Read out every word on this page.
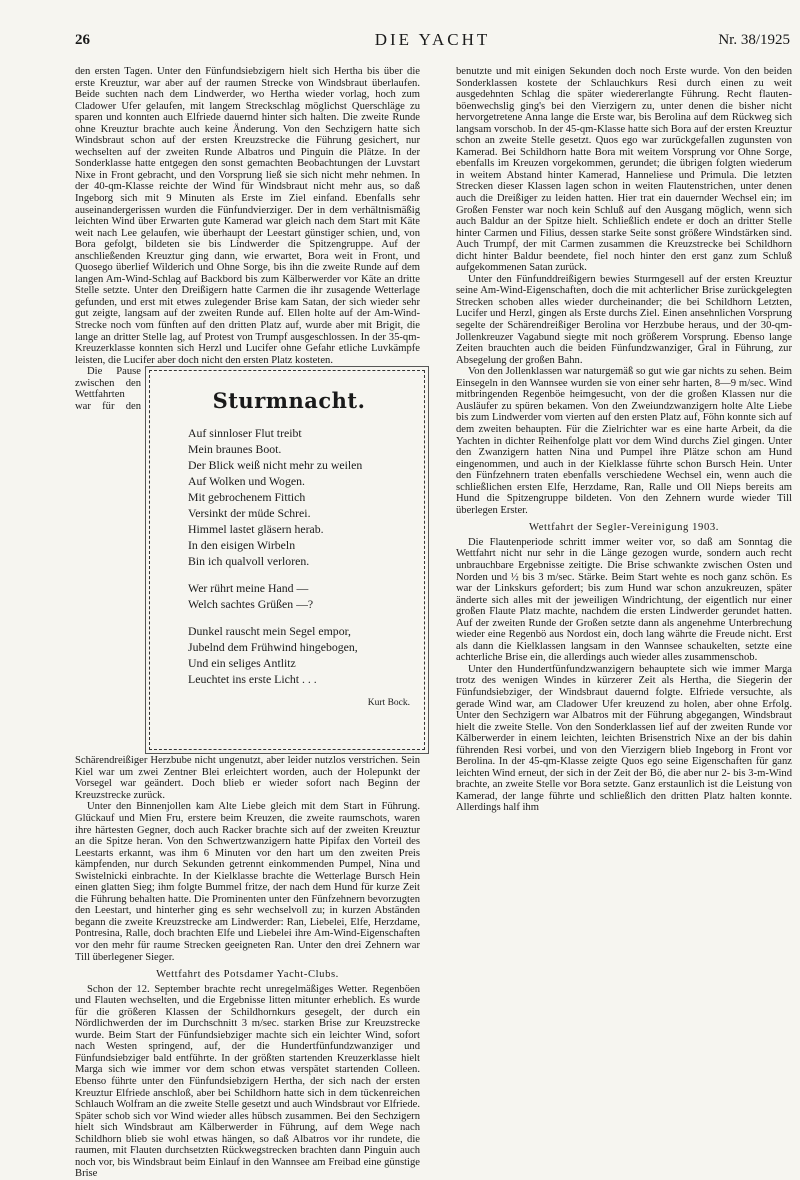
26	DIE YACHT	Nr. 38/1925

den ersten Tagen. Unter den Fünfundsiebzigern hielt sich Hertha bis über die erste Kreuztur, war aber auf der raumen Strecke von Windsbraut überlaufen. Beide suchten nach dem Lindwerder, wo Hertha wieder vorlag, hoch zum Cladower Ufer gelaufen, mit langem Streckschlag möglichst Querschläge zu sparen und konnten auch Elfriede dauernd hinter sich halten. Die zweite Runde ohne Kreuztur brachte auch keine Änderung. Von den Sechzigern hatte sich Windsbraut schon auf der ersten Kreuzstrecke die Führung gesichert, nur wechselten auf der zweiten Runde Albatros und Pinguin die Plätze. In der Sonderklasse hatte entgegen den sonst gemachten Beobachtungen der Luvstart Nixe in Front gebracht, und den Vorsprung ließ sie sich nicht mehr nehmen. In der 40-qm-Klasse reichte der Wind für Windsbraut nicht mehr aus, so daß Ingeborg sich mit 9 Minuten als Erste im Ziel einfand. Ebenfalls sehr auseinandergerissen wurden die Fünfundvierziger. Der in dem verhältnismäßig leichten Wind über Erwarten gute Kamerad war gleich nach dem Start mit Käte weit nach Lee gelaufen, wie überhaupt der Leestart günstiger schien, und, von Bora gefolgt, bildeten sie bis Lindwerder die Spitzengruppe. Auf der anschließenden Kreuztur ging dann, wie erwartet, Bora weit in Front, und Quosego überlief Wilderich und Ohne Sorge, bis ihn die zweite Runde auf dem langen Am-Wind-Schlag auf Backbord bis zum Kälberwerder vor Käte an dritte Stelle setzte. Unter den Dreißigern hatte Carmen die ihr zusagende Wetterlage gefunden, und erst mit etwes zulegender Brise kam Satan, der sich wieder sehr gut zeigte, langsam auf der zweiten Runde auf. Ellen holte auf der Am-Wind-Strecke noch vom fünften auf den dritten Platz auf, wurde aber mit Brigit, die lange an dritter Stelle lag, auf Protest von Trumpf ausgeschlossen. In der 35-qm-Kreuzerklasse konnten sich Herzl und Lucifer ohne Gefahr etliche Luvkämpfe leisten, die Lucifer aber doch nicht den ersten Platz kosteten.

Sturmnacht.
Auf sinnloser Flut treibt
Mein braunes Boot.
Der Blick weiß nicht mehr zu weilen
Auf Wolken und Wogen.
Mit gebrochenem Fittich
Versinkt der müde Schrei.
Himmel lastet gläsern herab.
In den eisigen Wirbeln
Bin ich qualvoll verloren.
Wer rührt meine Hand —
Welch sachtes Grüßen —?
Dunkel rauscht mein Segel empor,
Jubelnd dem Frühwind hingebogen,
Und ein seliges Antlitz
Leuchtet ins erste Licht . . .
Kurt Bock.

Die Pause zwischen den Wettfahrten war für den Schärendreißiger Herzbube nicht ungenutzt, aber leider nutzlos verstrichen. Sein Kiel war um zwei Zentner Blei erleichtert worden, auch der Holepunkt der Vorsegel war geändert. Doch blieb er wieder sofort nach Beginn der Kreuzstrecke zurück.

Unter den Binnenjollen kam Alte Liebe gleich mit dem Start in Führung. Glückauf und Mien Fru, erstere beim Kreuzen, die zweite raumschots, waren ihre härtesten Gegner, doch auch Racker brachte sich auf der zweiten Kreuztur an die Spitze heran. Von den Schwertzwanzigern hatte Pipifax den Vorteil des Leestarts erkannt, was ihm 6 Minuten vor den hart um den zweiten Preis kämpfenden, nur durch Sekunden getrennt einkommenden Pumpel, Nina und Swistelnicki einbrachte. In der Kielklasse brachte die Wetterlage Bursch Hein einen glatten Sieg; ihm folgte Bummel fritze, der nach dem Hund für kurze Zeit die Führung behalten hatte. Die Prominenten unter den Fünfzehnern bevorzugten den Leestart, und hinterher ging es sehr wechselvoll zu; in kurzen Abständen begann die zweite Kreuzstrecke am Lindwerder: Ran, Liebelei, Elfe, Herzdame, Pontresina, Ralle, doch brachten Elfe und Liebelei ihre Am-Wind-Eigenschaften vor den mehr für raume Strecken geeigneten Ran. Unter den drei Zehnern war Till überlegener Sieger.

Wettfahrt des Potsdamer Yacht-Clubs.

Schon der 12. September brachte recht unregelmäßiges Wetter. Regenböen und Flauten wechselten, und die Ergebnisse litten mitunter erheblich. Es wurde für die größeren Klassen der Schildhornkurs gesegelt, der durch ein Nördlichwerden der im Durchschnitt 3 m/sec. starken Brise zur Kreuzstrecke wurde. Beim Start der Fünfundsiebziger machte sich ein leichter Wind, sofort nach Westen springend, auf, der die Hundertfünfundzwanziger und Fünfundsiebziger bald entführte. In der größten startenden Kreuzerklasse hielt Marga sich wie immer vor dem schon etwas verspätet startenden Colleen. Ebenso führte unter den Fünfundsiebzigern Hertha, der sich nach der ersten Kreuztur Elfriede anschloß, aber bei Schildhorn hatte sich in dem tückenreichen Schlauch Wolfram an die zweite Stelle gesetzt und auch Windsbraut vor Elfriede. Später schob sich vor Wind wieder alles hübsch zusammen. Bei den Sechzigern hielt sich Windsbraut am Kälberwerder in Führung, auf dem Wege nach Schildhorn blieb sie wohl etwas hängen, so daß Albatros vor ihr rundete, die raumen, mit Flauten durchsetzten Rückwegstrecken brachten dann Pinguin auch noch vor, bis Windsbraut beim Einlauf in den Wannsee am Freibad eine günstige Brise

benutzte und mit einigen Sekunden doch noch Erste wurde. Von den beiden Sonderklassen kostete der Schlauchkurs Resi durch einen zu weit ausgedehnten Schlag die später wiedererlangte Führung. Recht flauten-böenwechslig ging's bei den Vierzigern zu, unter denen die bisher nicht hervorgetretene Anna lange die Erste war, bis Berolina auf dem Rückweg sich langsam vorschob. In der 45-qm-Klasse hatte sich Bora auf der ersten Kreuztur schon an zweite Stelle gesetzt. Quos ego war zurückgefallen zugunsten von Kamerad. Bei Schildhorn hatte Bora mit weitem Vorsprung vor Ohne Sorge, ebenfalls im Kreuzen vorgekommen, gerundet; die übrigen folgten wiederum in weitem Abstand hinter Kamerad, Hanneliese und Primula. Die letzten Strecken dieser Klassen lagen schon in weiten Flautenstrichen, unter denen auch die Dreißiger zu leiden hatten. Hier trat ein dauernder Wechsel ein; im Großen Fenster war noch kein Schluß auf den Ausgang möglich, wenn sich auch Baldur an der Spitze hielt. Schließlich endete er doch an dritter Stelle hinter Carmen und Filius, dessen starke Seite sonst größere Windstärken sind. Auch Trumpf, der mit Carmen zusammen die Kreuzstrecke bei Schildhorn dicht hinter Baldur beendete, fiel noch hinter den erst ganz zum Schluß aufgekommenen Satan zurück.

Unter den Fünfunddreißigern bewies Sturmgesell auf der ersten Kreuztur seine Am-Wind-Eigenschaften, doch die mit achterlicher Brise zurückgelegten Strecken schoben alles wieder durcheinander; die bei Schildhorn Letzten, Lucifer und Herzl, gingen als Erste durchs Ziel. Einen ansehnlichen Vorsprung segelte der Schärendreißiger Berolina vor Herzbube heraus, und der 30-qm-Jollenkreuzer Vagabund siegte mit noch größerem Vorsprung. Ebenso lange Zeiten brauchten auch die beiden Fünfundzwanziger, Gral in Führung, zur Absegelung der großen Bahn.

Von den Jollenklassen war naturgemäß so gut wie gar nichts zu sehen. Beim Einsegeln in den Wannsee wurden sie von einer sehr harten, 8—9 m/sec. Wind mitbringenden Regenböe heimgesucht, von der die großen Klassen nur die Ausläufer zu spüren bekamen. Von den Zweiundzwanzigern holte Alte Liebe bis zum Lindwerder vom vierten auf den ersten Platz auf, Föhn konnte sich auf dem zweiten behaupten. Für die Zielrichter war es eine harte Arbeit, da die Yachten in dichter Reihenfolge platt vor dem Wind durchs Ziel gingen. Unter den Zwanzigern hatten Nina und Pumpel ihre Plätze schon am Hund eingenommen, und auch in der Kielklasse führte schon Bursch Hein. Unter den Fünfzehnern traten ebenfalls verschiedene Wechsel ein, wenn auch die schließlichen ersten Elfe, Herzdame, Ran, Ralle und Oll Nieps bereits am Hund die Spitzengruppe bildeten. Von den Zehnern wurde wieder Till überlegen Erster.

Wettfahrt der Segler-Vereinigung 1903.

Die Flautenperiode schritt immer weiter vor, so daß am Sonntag die Wettfahrt nicht nur sehr in die Länge gezogen wurde, sondern auch recht unbrauchbare Ergebnisse zeitigte. Die Brise schwankte zwischen Osten und Norden und ½ bis 3 m/sec. Stärke. Beim Start wehte es noch ganz schön. Es war der Linkskurs gefordert; bis zum Hund war schon anzukreuzen, später änderte sich alles mit der jeweiligen Windrichtung, der eigentlich nur einer großen Flaute Platz machte, nachdem die ersten Lindwerder gerundet hatten. Auf der zweiten Runde der Großen setzte dann als angenehme Unterbrechung wieder eine Regenbö aus Nordost ein, doch lang währte die Freude nicht. Erst als dann die Kielklassen langsam in den Wannsee schaukelten, setzte eine achterliche Brise ein, die allerdings auch wieder alles zusammenschob.

Unter den Hundertfünfundzwanzigern behauptete sich wie immer Marga trotz des wenigen Windes in kürzerer Zeit als Hertha, die Siegerin der Fünfundsiebziger, der Windsbraut dauernd folgte. Elfriede versuchte, als gerade Wind war, am Cladower Ufer kreuzend zu holen, aber ohne Erfolg. Unter den Sechzigern war Albatros mit der Führung abgegangen, Windsbraut hielt die zweite Stelle. Von den Sonderklassen lief auf der zweiten Runde vor Kälberwerder in einem leichten, leichten Brisenstrich Nixe an der bis dahin führenden Resi vorbei, und von den Vierzigern blieb Ingeborg in Front vor Berolina. In der 45-qm-Klasse zeigte Quos ego seine Eigenschaften für ganz leichten Wind erneut, der sich in der Zeit der Bö, die aber nur 2- bis 3-m-Wind brachte, an zweite Stelle vor Bora setzte. Ganz erstaunlich ist die Leistung von Kamerad, der lange führte und schließlich den dritten Platz halten konnte. Allerdings half ihm
